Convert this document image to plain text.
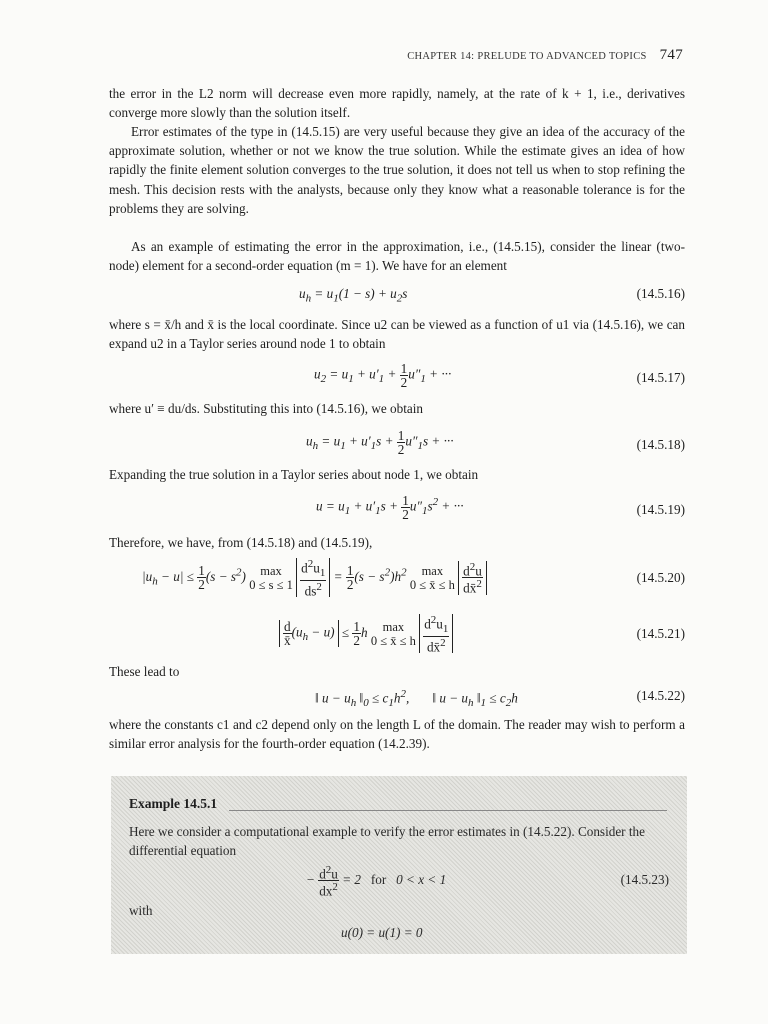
CHAPTER 14: PRELUDE TO ADVANCED TOPICS 747

the error in the L2 norm will decrease even more rapidly, namely, at the rate of k + 1, i.e., derivatives converge more slowly than the solution itself.

Error estimates of the type in (14.5.15) are very useful because they give an idea of the accuracy of the approximate solution, whether or not we know the true solution. While the estimate gives an idea of how rapidly the finite element solution converges to the true solution, it does not tell us when to stop refining the mesh. This decision rests with the analysts, because only they know what a reasonable tolerance is for the problems they are solving.

As an example of estimating the error in the approximation, i.e., (14.5.15), consider the linear (two-node) element for a second-order equation (m = 1). We have for an element

$u_h = u_1(1 - s) + u_2s$	(14.5.16)

where s = x̄/h and x̄ is the local coordinate. Since u2 can be viewed as a function of u1 via (14.5.16), we can expand u2 in a Taylor series around node 1 to obtain

$u_2 = u_1 + u'_1 + \frac{1}{2} u''_1$ + ···	(14.5.17)

where u′ ≡ du/ds. Substituting this into (14.5.16), we obtain

$u_h = u_1 + u'_1s + \frac{1}{2} u''_1s$ + ···	(14.5.18)

Expanding the true solution in a Taylor series about node 1, we obtain

$u = u_1 + u'_1s + \frac{1}{2} u''_1s^2$ + ···	(14.5.19)

Therefore, we have, from (14.5.18) and (14.5.19),

$|u_h - u| \le \frac{1}{2} (s - s^2)$ max
0 ≤ s ≤ 1
$\frac{d^2u_1}{ds^2} = \frac{1}{2} (s - s^2)h^2$	max
0 ≤ x̄ ≤ h
$\frac{d^2u}{dx̄^2}$	(14.5.20)
$\frac{d}{x̄} (u_h - u) \le \frac{1}{2}$ h max
0 ≤ x̄ ≤ h
$\frac{d^2u_1}{dx̄^2}$	(14.5.21)

These lead to

‖ $u - u_h$ $‖_0 \le c_1h^2$,       ‖ $u - u_h$ $‖_1 \le c_2h$	(14.5.22)

where the constants c1 and c2 depend only on the length L of the domain. The reader may wish to perform a similar error analysis for the fourth-order equation (14.2.39).

Example 14.5.1

Here we consider a computational example to verify the error estimates in (14.5.22). Consider the differential equation

− $\frac{d^2u}{dx^2} = 2$   for   0 < x < 1	(14.5.23)
with
u(0) = u(1) = 0
